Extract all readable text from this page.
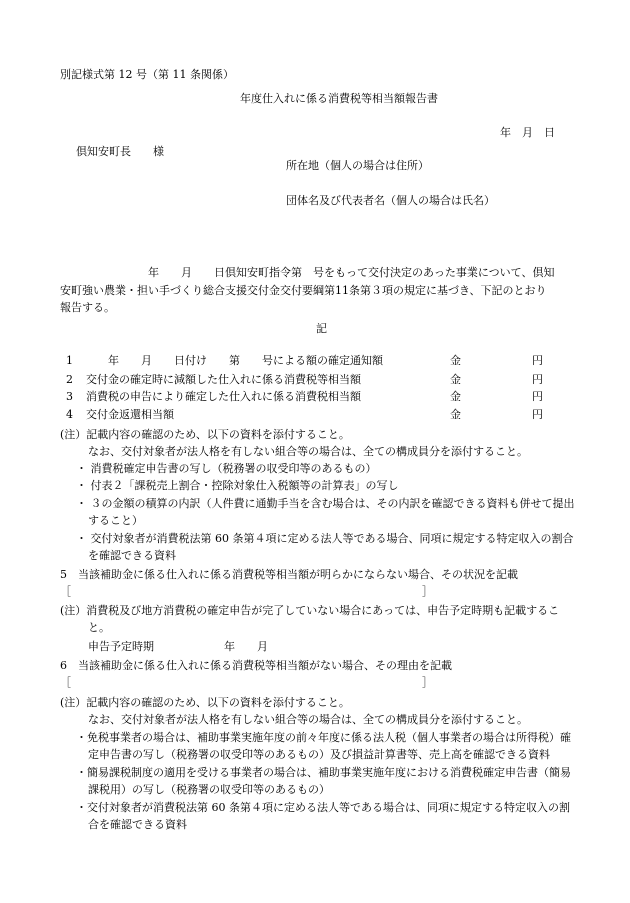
別記様式第 12 号（第 11 条関係）
年度仕入れに係る消費税等相当額報告書
年　月　日
倶知安町長　　様
所在地（個人の場合は住所）
団体名及び代表者名（個人の場合は氏名）
年　　月　　日倶知安町指令第　号をもって交付決定のあった事業について、倶知
安町強い農業・担い手づくり総合支援交付金交付要綱第11条第３項の規定に基づき、下記のとおり
報告する。
記
1 　　年　　月　　日付け　　第　　号による額の確定通知額	金	円
2 交付金の確定時に減額した仕入れに係る消費税等相当額	金	円
3 消費税の申告により確定した仕入れに係る消費税相当額	金	円
4 交付金返還相当額	金	円
(注）記載内容の確認のため、以下の資料を添付すること。
なお、交付対象者が法人格を有しない組合等の場合は、全ての構成員分を添付すること。
・ 消費税確定申告書の写し（税務署の収受印等のあるもの）
・ 付表２「課税売上割合・控除対象仕入税額等の計算表」の写し
・ ３の金額の積算の内訳（人件費に通勤手当を含む場合は、その内訳を確認できる資料も併せて提出
すること）
・ 交付対象者が消費税法第 60 条第４項に定める法人等である場合、同項に規定する特定収入の割合
を確認できる資料
5　当該補助金に係る仕入れに係る消費税等相当額が明らかにならない場合、その状況を記載
［	］
(注）消費税及び地方消費税の確定申告が完了していない場合にあっては、申告予定時期も記載するこ
と。
申告予定時期	年　　月
6　当該補助金に係る仕入れに係る消費税等相当額がない場合、その理由を記載
［	］
(注）記載内容の確認のため、以下の資料を添付すること。
なお、交付対象者が法人格を有しない組合等の場合は、全ての構成員分を添付すること。
・免税事業者の場合は、補助事業実施年度の前々年度に係る法人税（個人事業者の場合は所得税）確
定申告書の写し（税務署の収受印等のあるもの）及び損益計算書等、売上高を確認できる資料
・簡易課税制度の適用を受ける事業者の場合は、補助事業実施年度における消費税確定申告書（簡易
課税用）の写し（税務署の収受印等のあるもの）
・交付対象者が消費税法第 60 条第４項に定める法人等である場合は、同項に規定する特定収入の割
合を確認できる資料
